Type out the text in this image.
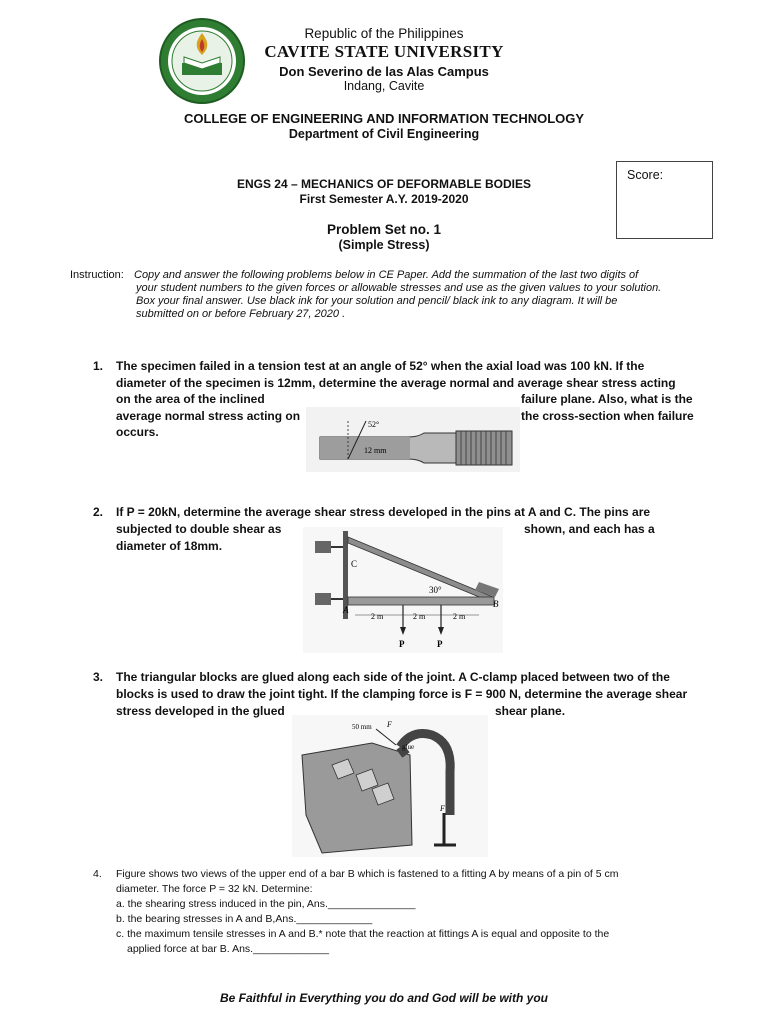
Republic of the Philippines
CAVITE STATE UNIVERSITY
Don Severino de las Alas Campus
Indang, Cavite
COLLEGE OF ENGINEERING AND INFORMATION TECHNOLOGY
Department of Civil Engineering
ENGS 24 – MECHANICS OF DEFORMABLE BODIES
First Semester A.Y. 2019-2020
Score:
Problem Set no. 1
(Simple Stress)
Instruction: Copy and answer the following problems below in CE Paper. Add the summation of the last two digits of
your student numbers to the given forces or allowable stresses and use as the given values to your solution.
Box your final answer. Use black ink for your solution and pencil/ black ink to any diagram. It will be
submitted on or before February 27, 2020 .
1. The specimen failed in a tension test at an angle of 52° when the axial load was 100 kN. If the
diameter of the specimen is 12mm, determine the average normal and average shear stress acting
on the area of the inclined	failure plane. Also, what is the
average normal stress acting on	the cross-section when failure
occurs.
52°
12 mm
2. If P = 20kN, determine the average shear stress developed in the pins at A and C. The pins are
subjected to double shear as	shown, and each has a
diameter of 18mm.
C
A
B
30°
2 m	2 m	2 m
P	P
3. The triangular blocks are glued along each side of the joint. A C-clamp placed between two of the
blocks is used to draw the joint tight. If the clamping force is F = 900 N, determine the average shear
stress developed in the glued	shear plane.
50 mm
glue
F
F
4. Figure shows two views of the upper end of a bar B which is fastened to a fitting A by means of a pin of 5 cm
diameter. The force P = 32 kN. Determine:
a. the shearing stress induced in the pin, Ans._______________
b. the bearing stresses in A and B,Ans._____________
c. the maximum tensile stresses in A and B.* note that the reaction at fittings A is equal and opposite to the
applied force at bar B. Ans._____________
Be Faithful in Everything you do and God will be with you
